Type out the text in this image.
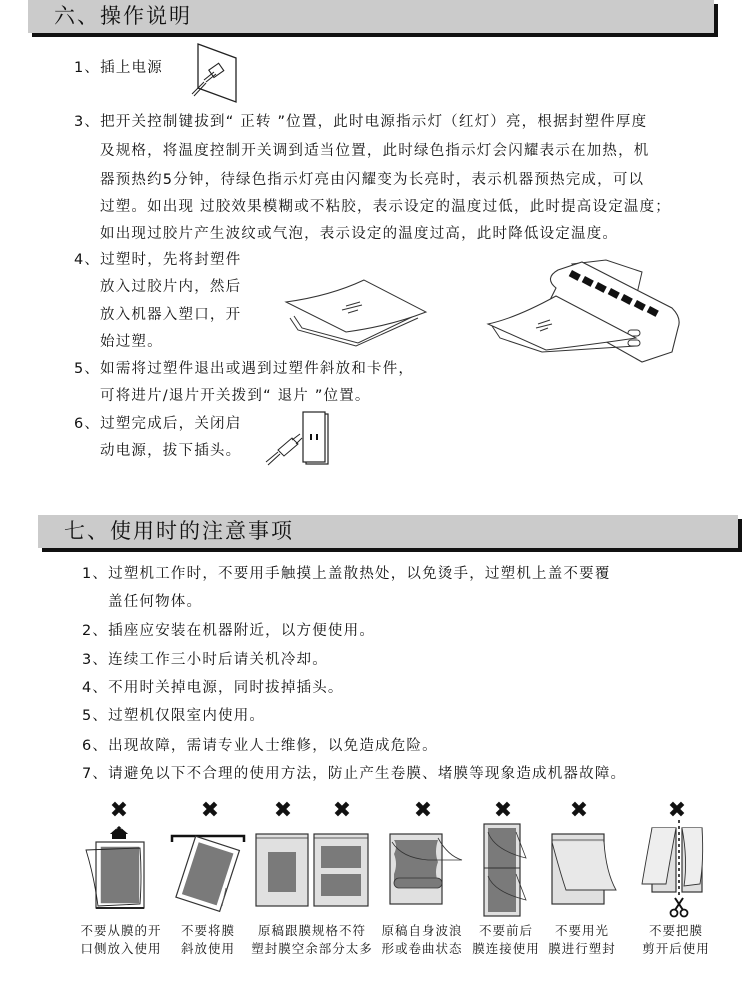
六、操作说明
1、插上电源
3、把开关控制键拔到“ 正转 ”位置，此时电源指示灯（红灯）亮，根据封塑件厚度
及规格，将温度控制开关调到适当位置，此时绿色指示灯会闪耀表示在加热，机
器预热约5分钟，待绿色指示灯亮由闪耀变为长亮时，表示机器预热完成，可以
过塑。如出现 过胶效果模糊或不粘胶，表示设定的温度过低，此时提高设定温度；
如出现过胶片产生波纹或气泡，表示设定的温度过高，此时降低设定温度。
4、过塑时，先将封塑件
放入过胶片内，然后
放入机器入塑口，开
始过塑。
5、如需将过塑件退出或遇到过塑件斜放和卡件，
可将进片/退片开关拨到“ 退片 ”位置。
6、过塑完成后，关闭启
动电源，拔下插头。
七、使用时的注意事项
1、过塑机工作时，不要用手触摸上盖散热处，以免烫手，过塑机上盖不要覆
盖任何物体。
2、插座应安装在机器附近，以方便使用。
3、连续工作三小时后请关机冷却。
4、不用时关掉电源，同时拔掉插头。
5、过塑机仅限室内使用。
6、出现故障，需请专业人士维修，以免造成危险。
7、请避免以下不合理的使用方法，防止产生卷膜、堵膜等现象造成机器故障。
✖
不要从膜的开
口侧放入使用
✖
不要将膜
斜放使用
✖ ✖
原稿跟膜规格不符
塑封膜空余部分太多
✖
原稿自身波浪
形或卷曲状态
✖
不要前后
膜连接使用
✖
不要用光
膜进行塑封
✖
不要把膜
剪开后使用
